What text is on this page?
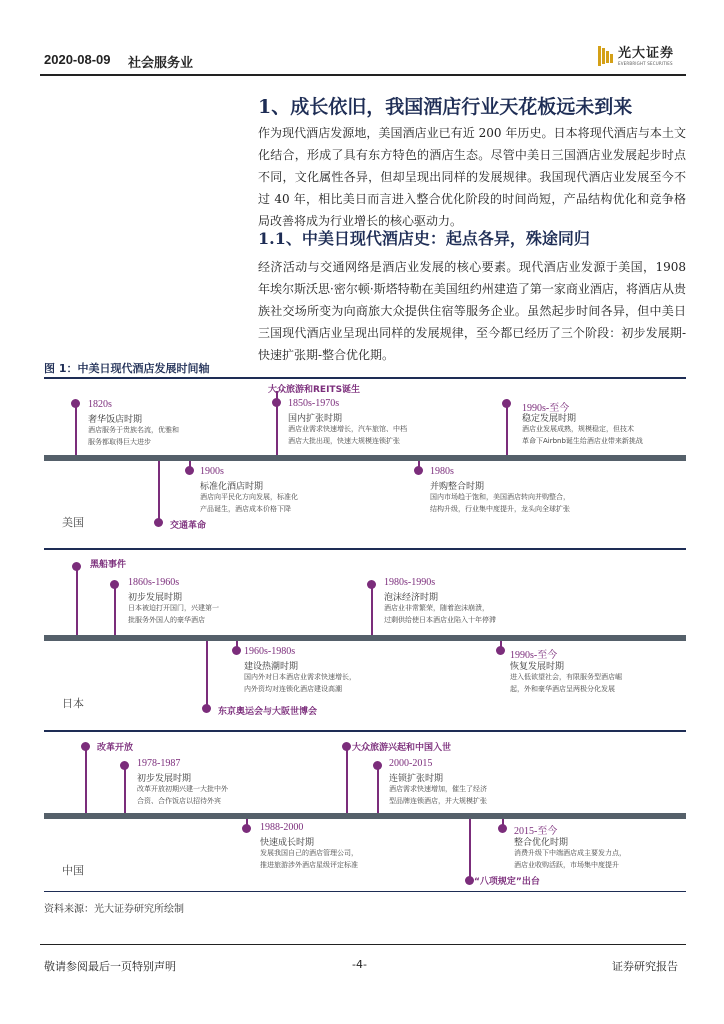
2020-08-09 社会服务业
光大证券
EVERBRIGHT SECURITIES
1、成长依旧，我国酒店行业天花板远未到来
作为现代酒店发源地，美国酒店业已有近 200 年历史。日本将现代酒店与本土文化结合，形成了具有东方特色的酒店生态。尽管中美日三国酒店业发展起步时点不同，文化属性各异，但却呈现出同样的发展规律。我国现代酒店业发展至今不过 40 年，相比美日而言进入整合优化阶段的时间尚短，产品结构优化和竞争格局改善将成为行业增长的核心驱动力。
1.1、中美日现代酒店史：起点各异，殊途同归
经济活动与交通网络是酒店业发展的核心要素。现代酒店业发源于美国，1908 年埃尔斯沃思·密尔顿·斯塔特勒在美国纽约州建造了第一家商业酒店，将酒店从贵族社交场所变为向商旅大众提供住宿等服务企业。虽然起步时间各异，但中美日三国现代酒店业呈现出同样的发展规律，至今都已经历了三个阶段：初步发展期-快速扩张期-整合优化期。
图 1：中美日现代酒店发展时间轴
美国
1820s
奢华饭店时期
酒店服务于贵族名流，优雅和
服务都取得巨大进步
大众旅游和REITS诞生
1850s-1970s
国内扩张时期
酒店业需求快速增长，汽车旅馆、中档
酒店大批出现，快速大规模连锁扩张
1990s-至今
稳定发展时期
酒店业发展成熟，规模稳定，但技术
革命下Airbnb诞生给酒店业带来新挑战
交通革命
1900s
标准化酒店时期
酒店向平民化方向发展，标准化
产品诞生，酒店成本价格下降
1980s
并购整合时期
国内市场趋于饱和，美国酒店转向并购整合，
结构升级，行业集中度提升，龙头向全球扩张
日本
黑船事件
1860s-1960s
初步发展时期
日本被迫打开国门，兴建第一
批服务外国人的豪华酒店
1980s-1990s
泡沫经济时期
酒店业非常繁荣，随着泡沫崩溃，
过剩供给使日本酒店业陷入十年停滞
东京奥运会与大阪世博会
1960s-1980s
建设热潮时期
国内外对日本酒店业需求快速增长，
内外资均对连锁化酒店建设高潮
1990s-至今
恢复发展时期
进入低欲望社会，有限服务型酒店崛
起，外和豪华酒店呈两极分化发展
中国
改革开放
1978-1987
初步发展时期
改革开放初期兴建一大批中外
合资、合作饭店以招待外宾
大众旅游兴起和中国入世
2000-2015
连锁扩张时期
酒店需求快速增加，催生了经济
型品牌连锁酒店，并大规模扩张
1988-2000
快速成长时期
发展我国自己的酒店管理公司，
推进旅游涉外酒店星级评定标准
“八项规定”出台
2015-至今
整合优化时期
消费升级下中端酒店成主要发力点，
酒店业收购活跃，市场集中度提升
资料来源：光大证券研究所绘制
敬请参阅最后一页特别声明	-4-	证券研究报告
